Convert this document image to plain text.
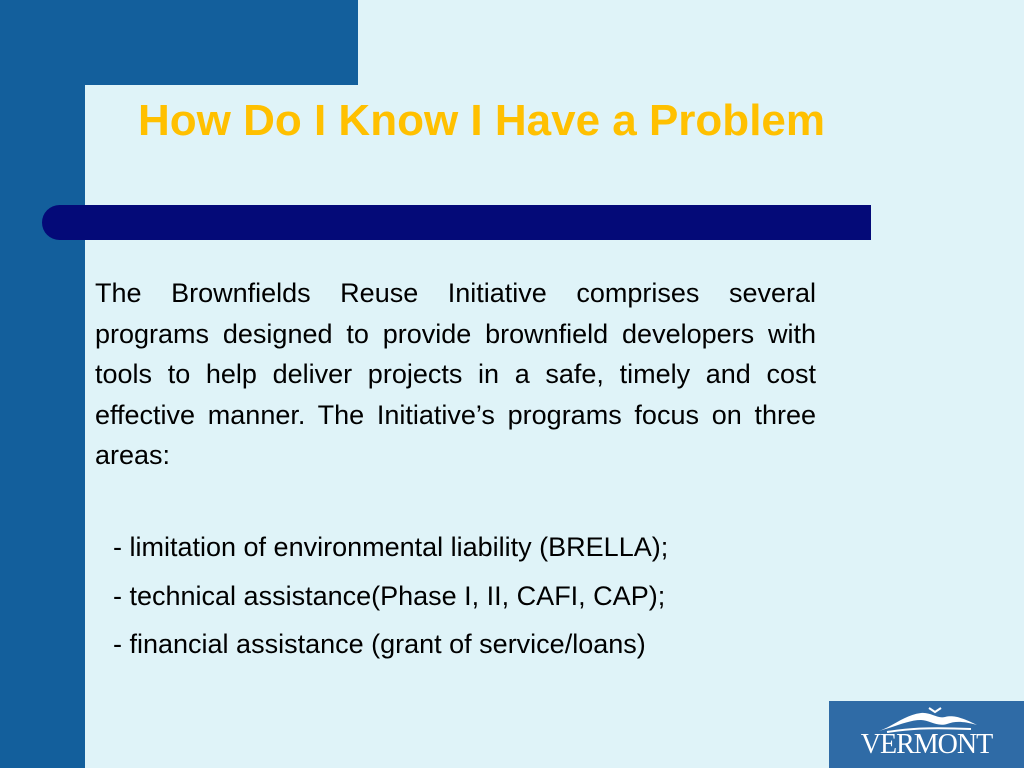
How Do I Know I Have a Problem

The Brownfields Reuse Initiative comprises several programs designed to provide brownfield developers with tools to help deliver projects in a safe, timely and cost effective manner. The Initiative’s programs focus on three areas:

- limitation of environmental liability (BRELLA);

- technical assistance(Phase I, II, CAFI, CAP);

- financial assistance (grant of service/loans)

VERMONT
